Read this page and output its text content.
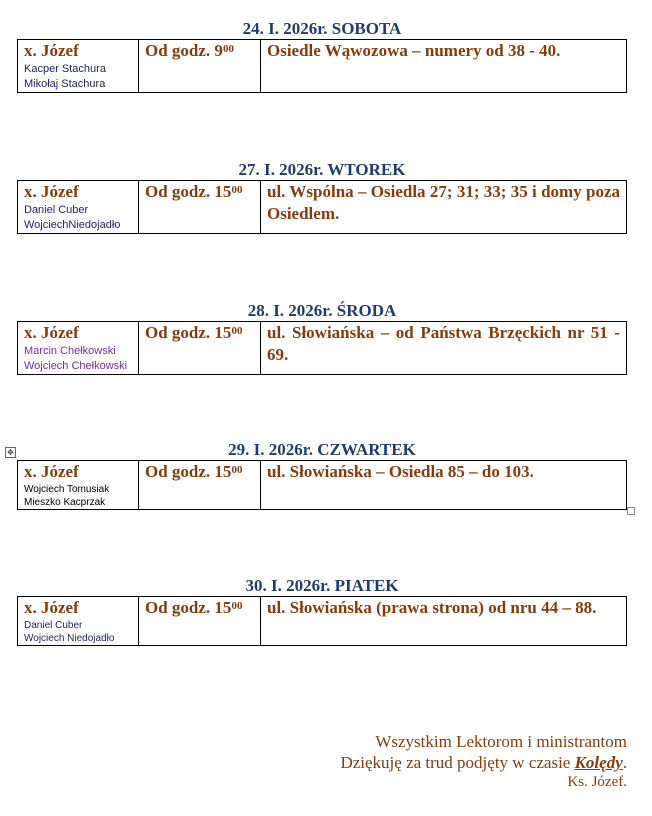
24. I. 2026r. SOBOTA
x. Józef
Kacper Stachura
Mikołaj Stachura
	Od godz. $9^{00}$	Osiedle Wąwozowa – numery od 38 - 40.
27. I. 2026r. WTOREK
x. Józef
Daniel Cuber
WojciechNiedojadło
	Od godz. $15^{00}$	ul. Wspólna – Osiedla 27; 31; 33; 35 i domy poza Osiedlem.
28. I. 2026r. ŚRODA
x. Józef
Marcin Chełkowski
Wojciech Chełkowski
	Od godz. $15^{00}$	ul. Słowiańska – od Państwa Brzęckich nr 51 - 69.
✥	29. I. 2026r. CZWARTEK
x. Józef
Wojciech Tomusiak
Mieszko Kacprzak
	Od godz. $15^{00}$	ul. Słowiańska – Osiedla 85 – do 103.
30. I. 2026r. PIATEK
x. Józef
Daniel Cuber
Wojciech Niedojadło
	Od godz. $15^{00}$	ul. Słowiańska (prawa strona) od nru 44 – 88.
Wszystkim Lektorom i ministrantom
Dziękuję za trud podjęty w czasie Kolędy.
Ks. Józef.
